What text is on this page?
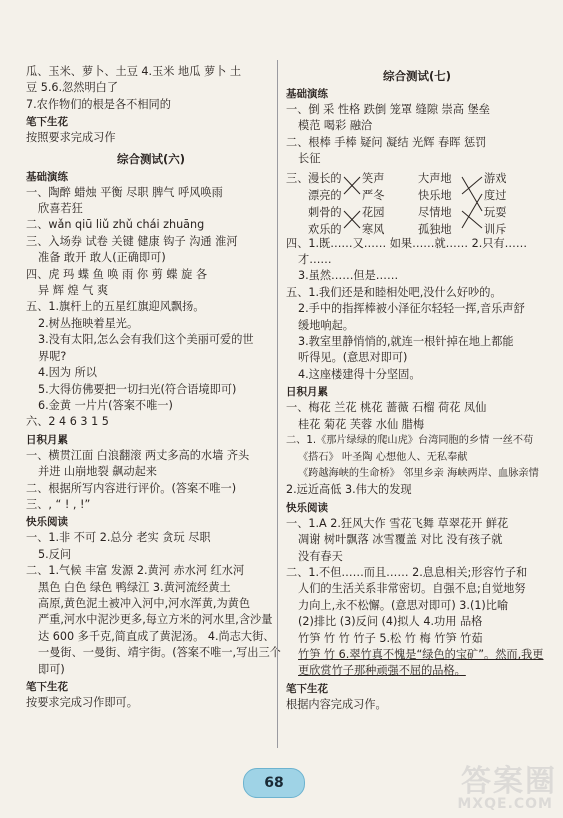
瓜、玉米、萝卜、土豆 4.玉米 地瓜 萝卜 土
豆 5.6.忽然明白了
7.农作物们的根是各不相同的
笔下生花
按照要求完成习作
综合测试(六)
基础演练
一、陶醉 蜡烛 平衡 尽职 脾气 呼风唤雨
欣喜若狂
二、wǎn qiū liǔ zhǔ chái zhuāng
三、入场券 试卷 关键 健康 钩子 沟通 淮河
准备 敢开 敢人(正确即可)
四、虎 玛 蝶 鱼 唤 雨 你 剪 蝶 旋 各
异 辉 煌 气 爽
五、1.旗杆上的五星红旗迎风飘扬。
2.树丛拖映着星光。
3.没有太阳,怎么会有我们这个美丽可爱的世
界呢?
4.因为 所以
5.大得仿佛要把一切扫光(符合语境即可)
6.金黄 一片片(答案不唯一)
六、2 4 6 3 1 5
日积月累
一、横贯江面 白浪翻滚 两丈多高的水墙 齐头
并进 山崩地裂 飙动起来
二、根据所写内容进行评价。(答案不唯一)
三、, “ ! , !”
快乐阅读
一、1.非 不可 2.总分 老实 贪玩 尽职
5.反问
二、1.气候 丰富 发源 2.黄河 赤水河 红水河
黑色 白色 绿色 鸭绿江 3.黄河流经黄土
高原,黄色泥土被冲入河中,河水浑黄,为黄色
严重,河水中泥沙更多,每立方米的河水里,含沙量
达 600 多千克,简直成了黄泥汤。 4.尚志大街、
一曼街、一曼街、靖宇街。(答案不唯一,写出三个
即可)
笔下生花
按要求完成习作即可。
综合测试(七)
基础演练
一、倒 采 性格 跌倒 笼罩 缝隙 崇高 堡垒
模范 喝彩 融洽
二、根棒 手棒 疑问 凝结 光辉 春晖 惩罚
长征
三、 漫长的
漂亮的
刺骨的
欢乐的
笑声
严冬
花园
寒风
大声地
快乐地
尽情地
孤独地
游戏
度过
玩耍
训斥
四、1.既……又…… 如果……就…… 2.只有……
才……
3.虽然……但是……
五、1.我们还是和睦相处吧,没什么好吵的。
2.手中的指挥棒被小泽征尔轻轻一挥,音乐声舒
缓地响起。
3.教室里静悄悄的,就连一根针掉在地上都能
听得见。(意思对即可)
4.这座楼建得十分坚固。
日积月累
一、梅花 兰花 桃花 蔷薇 石榴 荷花 凤仙
桂花 菊花 芙蓉 水仙 腊梅
二、1.《那片绿绿的爬山虎》台湾同胞的乡情 一丝不苟
《搭石》 叶圣陶 心想他人、无私奉献
《跨越海峡的生命桥》 邻里乡亲 海峡两岸、血脉亲情
2.远近高低 3.伟大的发现
快乐阅读
一、1.A 2.狂风大作 雪花飞舞 草翠花开 鲜花
凋谢 树叶飘落 冰雪覆盖 对比 没有孩子就
没有春天
二、1.不但……而且…… 2.息息相关;形容竹子和
人们的生活关系非常密切。自强不息;自觉地努
力向上,永不松懈。(意思对即可) 3.(1)比喻
(2)排比 (3)反问 (4)拟人 4.功用 品格
竹笋 竹 竹 竹子 5.松 竹 梅 竹笋 竹茹
竹笋 竹 6.翠竹真不愧是“绿色的宝矿”。然而,我更
更欣赏竹子那种顽强不屈的品格。
笔下生花
根据内容完成习作。
68	答案圈
MXQE.COM
